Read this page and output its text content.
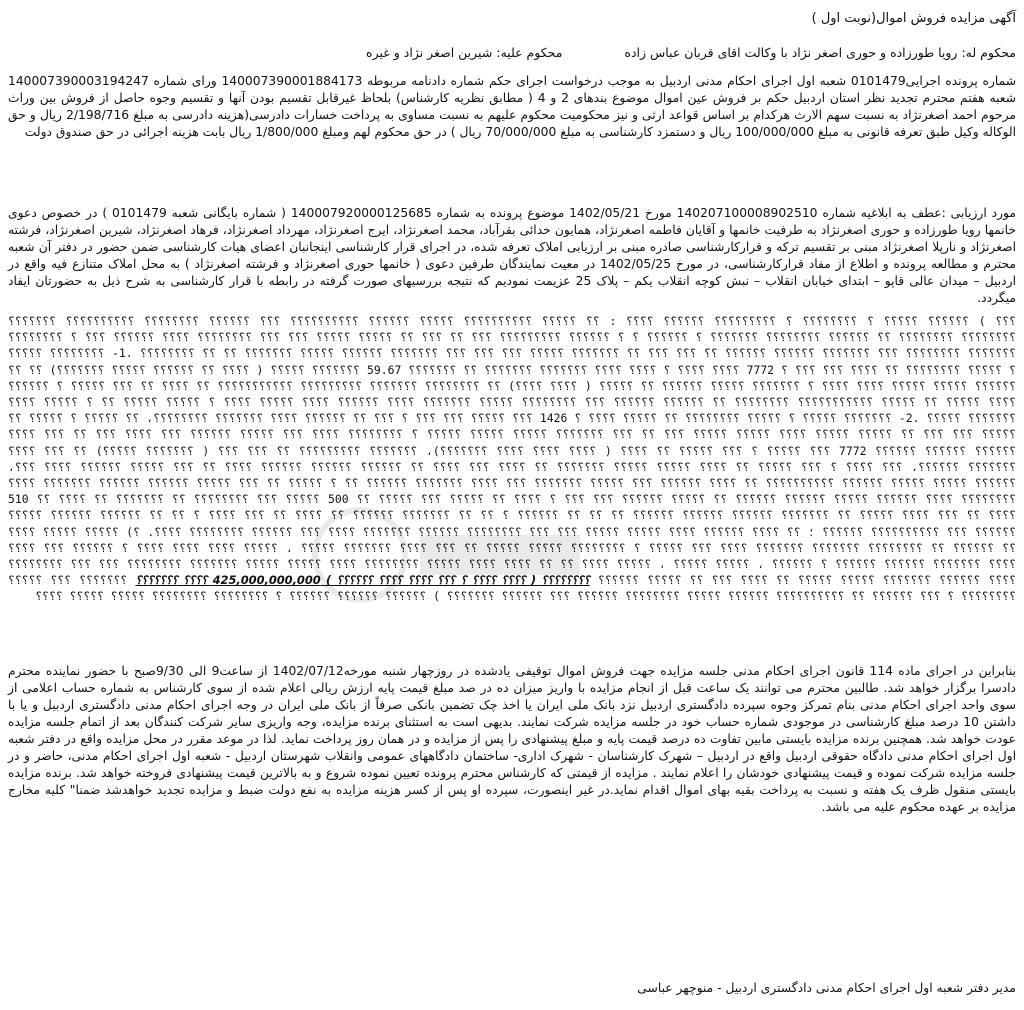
آگهی مزایده فروش اموال(نوبت اول )
محکوم له: رویا طورزاده و حوری اصغر نژاد با وکالت اقای قربان عباس زاده محکوم علیه: شیرین اصغر نژاد و غیره
شماره پرونده اجرایی0101479 شعبه اول اجرای احکام مدنی اردبیل به موجب درخواست اجرای حکم شماره دادنامه مربوطه 140007390001884173 ورای شماره 140007390003194247 شعبه هفتم محترم تجدید نظر استان اردبیل حکم بر فروش عین اموال موضوع بندهای 2 و 4 ( مطابق نظریه کارشناس) بلحاظ غیرقابل تقسیم بودن آنها و تقسیم وجوه حاصل از فروش بین وراث مرحوم احمد اصغرنژاد به نسبت سهم الارث هرکدام بر اساس قواعد ارثی و نیز محکومیت محکوم علیهم به نسبت مساوی به پرداخت خسارات دادرسی(هزینه دادرسی به مبلغ 2/198/716 ریال و حق الوکاله وکیل طبق تعرفه قانونی به مبلغ 100/000/000 ریال و دستمزد کارشناسی به مبلغ 70/000/000 ریال ) در حق محکوم لهم ومبلغ 1/800/000 ریال بابت هزینه اجرائی در حق صندوق دولت
مورد ارزیابی :عطف به ابلاغیه شماره 140207100008902510 مورخ 1402/05/21 موضوع پرونده به شماره 140007920000125685 ( شماره بایگانی شعبه 0101479 ) در خصوص دعوی خانمها رویا طورزاده و حوری اصغرنژاد به طرفیت خانمها و آقایان فاطمه اصغرنژاد، همایون خدائی بقرآباد، محمد اصغرنژاد، ایرج اصغرنژاد، مهرداد اصغرنژاد، فرهاد اصغرنژاد، شیرین اصغرنژاد، فرشته اصغرنژاد و نارپلا اصغرنژاد مبنی بر تقسیم ترکه و قرارکارشناسی صادره مبنی بر ارزیابی املاک تعرفه شده، در اجرای قرار کارشناسی اینجانبان اعضای هیات کارشناسی ضمن حضور در دفتر آن شعبه محترم و مطالعه پرونده و اطلاع از مفاد قرارکارشناسی، در مورخ 1402/05/25 در معیت نمایندگان طرفین دعوی ( خانمها حوری اصغرنژاد و فرشته اصغرنژاد ) به محل املاک متنازع فیه واقع در اردبیل – میدان عالی قاپو – ابتدای خیابان انقلاب – نبش کوچه انقلاب یکم – پلاک 25 عزیمت نمودیم که نتیجه بررسیهای صورت گرفته در رابطه با قرار کارشناسی به شرح ذیل به حضورتان ایفاد میگردد.
؟؟؟ ) ؟؟؟؟؟؟ ؟؟؟؟؟ ؟ ؟؟؟؟؟؟؟؟ ؟ ؟؟؟؟؟؟؟؟؟ ؟؟؟؟؟؟ ؟؟؟؟ : ؟؟ ؟؟؟؟؟ ؟؟؟؟؟؟؟؟؟؟ ؟؟؟؟؟ ؟؟؟؟؟؟ ؟؟؟؟؟؟؟؟؟؟ ؟؟؟ ؟؟؟؟؟؟ ؟؟؟؟؟؟؟؟ ؟؟؟؟؟؟؟؟؟؟ ؟؟؟؟؟؟؟ ؟؟؟؟؟؟؟؟ ؟؟؟؟؟؟؟؟ ؟؟ ؟؟؟؟؟؟ ؟؟؟؟؟؟؟؟ ؟؟؟؟؟؟؟ ؟ ؟؟؟؟؟؟ ؟ ؟ ؟؟؟؟؟؟ ؟؟؟؟؟؟؟؟؟ ؟؟؟ ؟؟ ؟؟؟ ؟؟ ؟؟؟؟؟ ؟؟؟؟؟ ؟؟؟ ؟؟؟ ؟؟؟؟؟؟؟؟ ؟؟؟؟ ؟؟؟؟؟؟ ؟؟؟ ؟ ؟؟؟؟؟؟؟؟ ؟؟؟؟؟؟؟ ؟؟؟؟؟؟؟؟ ؟؟؟ ؟؟؟؟؟؟؟ ؟؟؟؟؟؟ ؟؟؟؟؟؟ ؟؟ ؟؟؟ ؟؟؟ ؟؟ ؟؟؟؟؟؟؟ ؟؟؟؟؟ ؟؟؟ ؟؟؟ ؟؟؟ ؟؟؟؟؟؟؟ ؟؟؟؟؟؟ ؟؟؟؟؟ ؟؟؟؟؟؟؟ ؟؟ ؟؟ ؟؟؟؟؟؟؟؟ .1- ؟؟؟؟؟؟؟؟ ؟؟؟؟؟ ؟ ؟؟؟؟؟ ؟؟؟؟؟؟؟؟ ؟؟ ؟؟؟؟ ؟؟؟ ؟؟؟ ؟ 7772 ؟؟؟؟ ؟؟؟؟ ؟ ؟؟؟؟ ؟؟؟؟ ؟؟؟؟؟؟؟ ؟؟؟؟؟؟؟ ؟؟ ؟؟؟؟؟؟؟ 59.67 ؟؟؟؟؟؟؟ ؟؟؟؟؟ ( ؟؟؟؟ ؟؟ ؟؟؟؟؟؟ ؟؟؟؟؟ ؟؟؟؟؟؟؟) ؟؟ ؟؟ ؟؟؟؟؟؟ ؟؟؟؟؟ ؟؟؟؟؟ ؟؟؟؟ ؟؟؟؟ ؟ ؟؟؟؟؟؟؟ ؟؟؟؟؟ ؟؟؟؟؟؟ ؟؟ ؟؟؟؟؟ ( ؟؟؟؟ ؟؟؟؟) ؟؟ ؟؟؟؟؟؟؟؟ ؟؟؟؟؟؟؟ ؟؟؟؟؟؟؟؟؟ ؟؟؟؟؟؟؟؟؟؟؟ ؟؟ ؟؟؟؟ ؟؟ ؟؟؟ ؟؟؟؟؟ ؟ ؟؟؟؟؟؟ ؟؟؟؟ ؟؟؟؟؟ ؟؟ ؟؟؟؟؟ ؟؟؟؟؟؟؟؟؟؟؟ ؟؟؟؟؟؟؟؟ ؟؟ ؟؟؟؟؟؟ ؟؟؟؟؟؟ ؟؟؟ ؟؟؟؟؟؟؟؟ ؟؟؟؟؟ ؟؟؟؟؟؟؟ ؟؟؟؟ ؟؟؟؟؟؟ ؟؟؟؟ ؟؟؟؟؟ ؟؟؟؟ ؟ ؟؟؟؟؟ ؟؟؟؟؟ ؟؟ ؟ ؟؟؟؟؟ ؟؟؟؟ ؟؟؟؟؟؟؟ ؟؟؟؟؟ .2- ؟؟؟؟؟؟؟ ؟؟؟؟؟ ؟ ؟؟؟؟؟ ؟؟؟؟؟؟؟؟ ؟؟ ؟؟؟؟؟ ؟؟؟؟ ؟ 1426 ؟؟؟ ؟؟؟؟؟ ؟؟؟ ؟؟؟ ؟ ؟؟؟ ؟؟ ؟؟؟؟؟؟ ؟؟؟؟ ؟؟؟؟؟؟؟ ؟؟؟؟؟؟؟؟، ؟؟ ؟؟؟؟؟ ؟ ؟؟؟؟؟ ؟؟ ؟؟؟؟؟ ؟؟؟ ؟؟؟ ؟؟ ؟؟؟؟؟ ؟؟؟؟؟ ؟؟؟؟ ؟؟؟؟؟ ؟؟؟؟؟ ؟؟؟ ؟؟ ؟؟؟ ؟؟؟؟؟؟؟ ؟؟؟؟؟ ؟؟؟؟؟ ؟؟؟؟؟ ؟ ؟؟؟؟؟؟؟؟ ؟؟؟؟ ؟؟؟ ؟؟؟؟؟ ؟؟؟؟؟؟ ؟؟؟ ؟؟؟؟ ؟؟؟ ؟؟ ؟؟؟ ؟؟؟؟ ؟؟؟؟؟؟ ؟؟؟؟؟؟ ؟؟؟؟؟؟ 7772 ؟؟؟ ؟؟؟؟؟ ؟ ؟؟؟ ؟؟؟؟؟ ؟؟ ؟؟؟؟ ( ؟؟؟؟ ؟؟؟؟ ؟؟؟؟ ؟؟؟؟؟؟؟)، ؟؟؟؟؟؟؟ ؟؟؟؟؟؟؟؟؟ ؟؟ ؟؟؟ ؟؟؟ ( ؟؟؟؟؟؟؟ ؟؟؟؟؟) ؟؟ ؟؟؟ ؟؟؟؟ ؟؟؟؟؟؟؟ ؟؟؟؟؟؟، ؟؟؟ ؟؟؟؟ ؟ ؟؟؟ ؟؟؟؟؟ ؟؟ ؟؟؟؟ ؟؟؟؟؟ ؟؟؟؟؟ ؟؟؟؟؟؟؟ ؟؟ ؟؟؟؟ ؟؟؟ ؟؟؟؟ ؟؟ ؟؟؟؟؟؟ ؟؟؟؟؟؟ ؟؟؟؟؟؟ ؟؟؟؟ ؟؟ ؟؟؟ ؟؟؟؟؟ ؟؟؟؟؟؟ ؟؟؟؟ ؟؟؟، ؟؟؟؟؟؟ ؟؟؟؟؟ ؟؟؟؟؟ ؟؟؟؟؟؟ ؟؟؟؟؟؟؟؟؟؟ ؟؟ ؟؟؟؟ ؟؟؟؟؟؟ ؟؟؟ ؟؟؟؟؟ ؟؟؟؟؟؟؟ ؟؟؟ ؟؟؟؟ ؟؟؟؟؟؟؟ ؟؟؟؟؟؟ ؟؟ ؟ ؟؟؟؟؟ ؟؟ ؟؟؟ ؟؟؟؟؟ ؟؟؟؟؟؟ ؟؟؟؟؟؟ ؟؟؟؟؟؟؟ ؟؟؟؟ ؟؟؟؟؟؟؟؟ ؟؟؟؟ ؟؟؟؟؟؟ ؟؟؟؟؟ ؟؟؟؟؟؟ ؟؟؟؟؟؟ ؟؟ ؟؟؟؟؟ ؟؟؟؟؟؟ ؟؟؟ ؟؟؟ ؟ ؟؟؟؟ ؟؟ ؟؟؟؟؟ ؟؟؟ ؟؟؟؟؟ ؟؟ 500 ؟؟؟؟؟ ؟؟؟ ؟؟؟؟؟؟؟؟ ؟؟ ؟؟؟؟؟؟؟ ؟؟ ؟؟؟؟ ؟؟ 510 ؟؟؟؟ ؟؟ ؟؟؟ ؟؟؟؟ ؟؟؟؟؟ ؟؟ ؟؟؟؟؟؟؟ ؟؟؟؟؟؟ ؟؟؟؟؟؟ ؟؟؟؟؟؟ ؟؟ ؟؟ ؟؟ ؟؟؟؟؟؟ ؟ ؟؟ ؟؟ ؟؟؟؟؟؟؟ ؟؟؟؟؟؟ ؟؟ ؟؟؟؟ ؟؟ ؟؟؟ ؟؟؟؟ ؟ ؟؟ ؟؟ ؟؟؟؟؟؟ ؟؟؟؟؟؟ ؟؟؟؟؟ ؟؟؟؟؟؟ ؟؟؟ ؟؟؟؟؟؟؟؟؟؟ ؟؟؟؟؟؟ ؛ ؟؟ ؟؟؟؟ ؟؟؟؟؟؟ ؟؟؟؟ ؟؟؟؟؟ ؟؟؟؟؟ ؟؟؟ ؟؟؟ ؟؟؟؟؟؟؟؟ ؟؟؟؟؟؟ ؟؟؟؟؟؟؟ ؟؟؟؟ ؟؟؟ ؟؟؟؟؟؟ ؟؟؟؟؟؟؟؟ ؟؟؟؟. ؟) ؟؟؟؟؟ ؟؟؟؟؟ ؟؟؟؟ ؟؟ ؟؟؟؟؟؟ ؟؟ ؟؟؟؟؟؟؟؟ ؟؟؟؟؟؟؟ ؟؟؟؟؟؟؟ ؟؟؟؟ ؟؟؟ ؟؟؟؟؟ ؟ ؟؟؟؟؟؟؟؟ ؟؟؟؟؟ ؟؟؟؟؟ ؟؟ ؟؟؟ ؟؟؟؟ ؟؟؟؟؟؟؟ ؟؟؟؟؟ ، ؟؟؟؟؟ ؟؟؟؟ ؟؟؟؟ ؟؟؟؟ ؟ ؟؟؟؟؟؟ ؟؟؟ ؟؟؟؟ ؟؟؟؟ ؟؟؟؟؟؟؟ ؟؟؟؟؟؟ ؟؟؟؟؟؟ ؟ ؟؟؟؟؟؟ ، ؟؟؟؟؟ ؟؟؟؟؟ ، ؟؟؟؟؟ ؟؟؟؟ ؟؟ ؟؟ ؟؟؟؟ ؟؟؟؟ ؟؟؟؟؟ ؟؟؟؟؟؟؟؟ ؟؟؟؟ ؟؟؟؟؟ ؟؟؟؟؟ ؟؟؟؟؟؟؟ ؟؟؟؟؟؟؟؟ ؟؟؟ ؟؟؟ ؟؟؟؟؟؟؟؟ ؟؟؟؟ ؟؟؟؟؟؟ ؟؟؟؟؟؟؟ ؟؟؟؟؟ ؟؟؟؟؟ ؟؟ ؟؟؟؟ ؟؟؟ ؟؟ ؟؟؟؟؟ ؟؟؟؟؟؟ ؟؟؟؟؟؟؟؟ ( ؟؟؟؟ ؟؟؟؟ ؟ ؟؟؟ ؟؟؟؟ ؟؟؟؟ ؟؟؟؟؟؟ ) 425,000,000,000 ؟؟؟؟ ؟؟؟؟؟؟؟ ؟؟؟؟؟؟؟ ؟؟؟ ؟؟؟؟؟ ؟؟؟؟؟؟؟؟ ؟ ؟؟؟ ؟؟؟؟؟؟ ؟؟ ؟؟؟؟؟؟؟؟؟؟ ؟؟؟؟؟؟ ؟؟؟؟؟ ؟؟؟؟؟؟؟؟ ؟؟؟؟؟؟ ؟؟؟ ؟؟؟؟؟؟ ؟؟؟؟؟؟؟ ) ؟؟؟؟؟؟ ؟؟؟؟؟؟ ؟؟؟؟؟؟ ؟ ؟؟؟؟؟؟؟؟ ؟؟؟؟؟؟؟؟ ؟؟؟؟؟ ؟؟؟؟؟ ؟؟؟؟
بنابراین در اجرای ماده 114 قانون اجرای احکام مدنی جلسه مزایده جهت فروش اموال توقیفی یادشده در روزچهار شنبه مورخه1402/07/12 از ساعت9 الی 9/30صبح با حضور نماینده محترم دادسرا برگزار خواهد شد. طالبین محترم می توانند یک ساعت قبل از انجام مزایده با واریز میزان ده در صد مبلغ قیمت پایه ارزش ریالی اعلام شده از سوی کارشناس به شماره حساب اعلامی از سوی واحد اجرای احکام مدنی بنام تمرکز وجوه سپرده دادگستری اردبیل نزد بانک ملی ایران یا اخذ چک تضمین بانکی صرفاً از بانک ملی ایران در وجه اجرای احکام مدنی دادگستری اردبیل و یا با داشتن 10 درصد مبلغ کارشناسی در موجودی شماره حساب خود در جلسه مزایده شرکت نمایند. بدیهی است به استثنای برنده مزایده، وجه واریزی سایر شرکت کنندگان بعد از اتمام جلسه مزایده عودت خواهد شد. همچنین برنده مزایده بایستی مابین تفاوت ده درصد قیمت پایه و مبلغ پیشنهادی را پس از مزایده و در همان روز پرداخت نماید. لذا در موعد مقرر در محل مزایده واقع در دفتر شعبه اول اجرای احکام مدنی دادگاه حقوقی اردبیل واقع در اردبیل – شهرک کارشناسان - شهرک اداری- ساختمان دادگاههای عمومی وانقلاب شهرستان اردبیل - شعبه اول اجرای احکام مدنی، حاضر و در جلسه مزایده شرکت نموده و قیمت پیشنهادی خودشان را اعلام نمایند . مزایده از قیمتی که کارشناس محترم پرونده تعیین نموده شروع و به بالاترین قیمت پیشنهادی فروخته خواهد شد. برنده مزایده بایستی منقول ظرف یک هفته و نسبت به پرداخت بقیه بهای اموال اقدام نماید.در غیر اینصورت، سپرده او پس از کسر هزینه مزایده به نفع دولت ضبط و مزایده تجدید خواهدشد ضمنا" کلیه مخارج مزایده بر عهده محکوم علیه می باشد.
مدیر دفتر شعبه اول اجرای احکام مدنی دادگستری اردبیل - منوچهر عباسی
